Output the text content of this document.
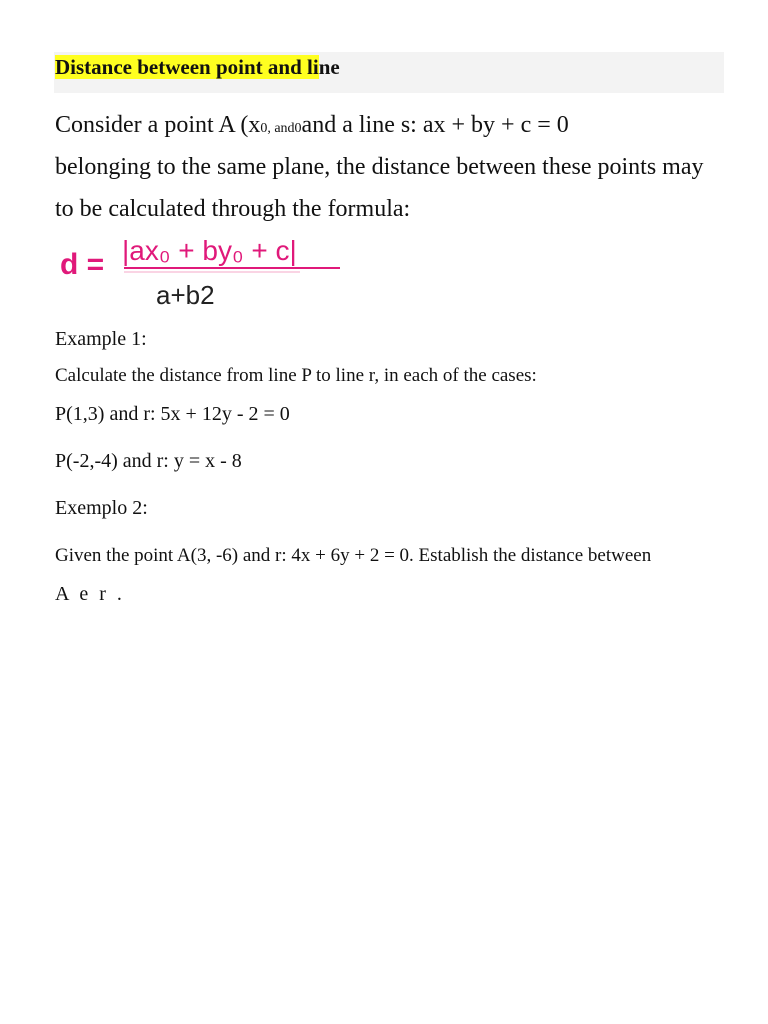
Distance between point and line
Consider a point A (x0, and0and a line s: ax + by + c = 0
belonging to the same plane, the distance between these points may
to be calculated through the formula:
d = |ax₀ + by₀ + c|
a+b2
Example 1:
Calculate the distance from line P to line r, in each of the cases:
P(1,3) and r: 5x + 12y - 2 = 0
P(-2,-4) and r: y = x - 8
Exemplo 2:
Given the point A(3, -6) and r: 4x + 6y + 2 = 0. Establish the distance between
A e r .
